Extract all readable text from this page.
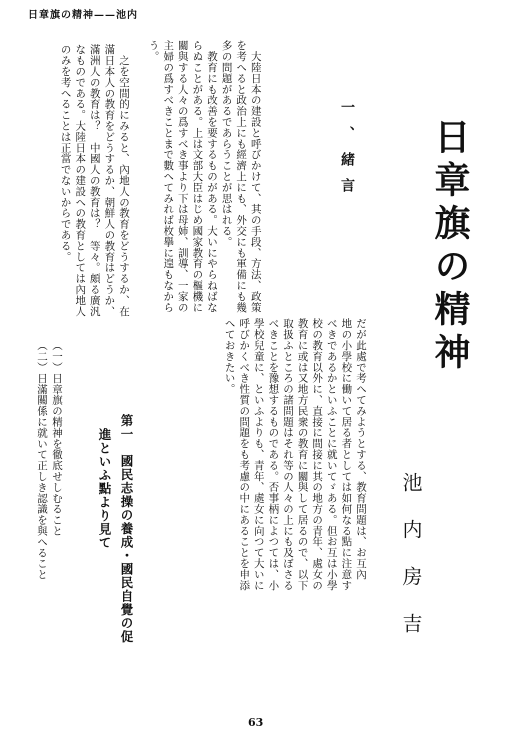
日章旗の精神——池内
日章旗の精神
池内房吉
一、緒言
　大陸日本の建設と呼びかけて、其の手段、方法、政策
を考へると政治上にも經濟上にも、外交にも軍備にも幾
多の問題があるであらうことが思はれる。
　教育にも改善を要するものがある。大いにやらねばな
らぬことがある。上は文部大臣はじめ國家教育の樞機に
關與する人々の爲すべき事より下は母姉、訓導、一家の
主婦の爲すべきことまで數へてみれば枚擧に遑もなから
う。
　之を空間的にみると、內地人の教育をどうするか、在
滿日本人の教育をどうするか、朝鮮人の教育はどうか、
滿洲人の教育は？　中國人の教育は？　等々。頗る廣汎
なものである。大陸日本の建設への教育としては內地人
のみを考へることは正當でないからである。
だが此處で考へてみようとする、教育問題は、お互內
地の小學校に働いて居る者としては如何なる點に注意す
べきであるかといふことに就いてゞある。但お互は小學
校の教育以外に、直接に間接に其の地方の青年、處女の
教育に或は又地方民衆の教育に關與して居るので、以下
取扱ふところの諸問題はそれ等の人々の上にも及ぼさる
べきことを豫想するものである。否事柄によつては、小
學校兒童に、といふよりも、青年、處女に向つて大いに
呼びかくべき性質の問題をも考慮の中にあることを申添
へておきたい。
第一　國民志操の養成・國民自覺の促
進といふ點より見て
（一）日章旗の精神を徹底せしむること
（二）日滿關係に就いて正しき認識を與へること
63
